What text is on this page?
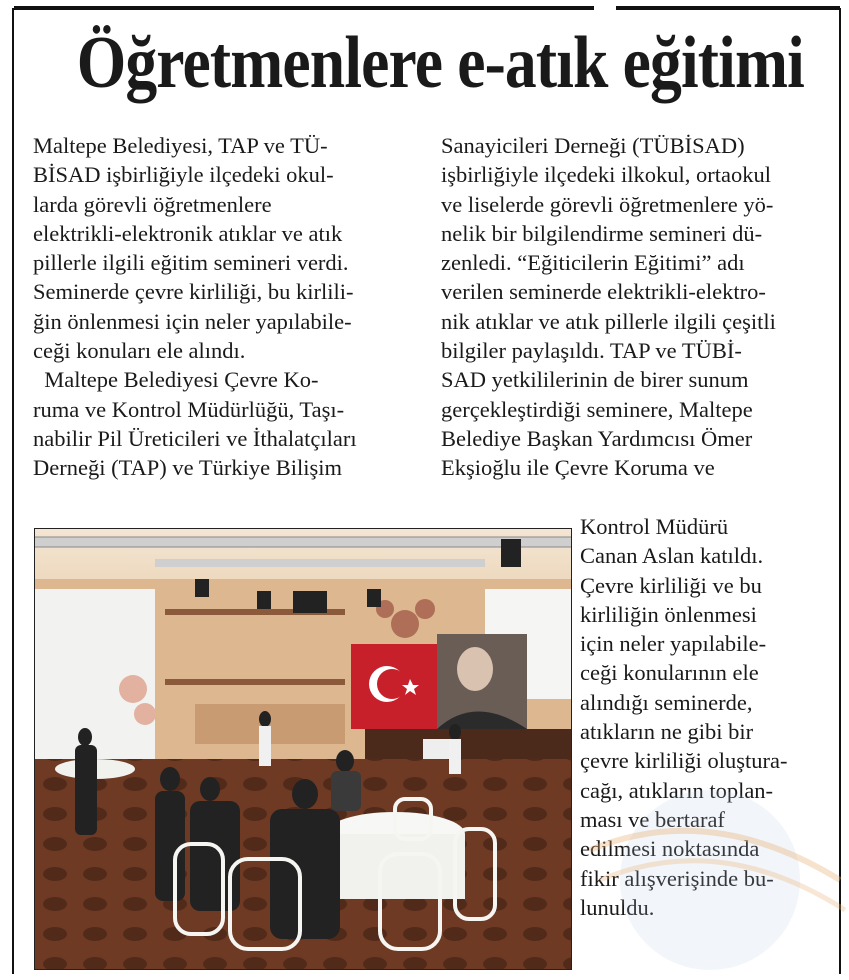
Öğretmenlere e-atık eğitimi
Maltepe Belediyesi, TAP ve TÜ-
BİSAD işbirliğiyle ilçedeki okul-
larda görevli öğretmenlere
elektrikli-elektronik atıklar ve atık
pillerle ilgili eğitim semineri verdi.
Seminerde çevre kirliliği, bu kirlili-
ğin önlenmesi için neler yapılabile-
ceği konuları ele alındı.
Maltepe Belediyesi Çevre Ko-
ruma ve Kontrol Müdürlüğü, Taşı-
nabilir Pil Üreticileri ve İthalatçıları
Derneği (TAP) ve Türkiye Bilişim
Sanayicileri Derneği (TÜBİSAD)
işbirliğiyle ilçedeki ilkokul, ortaokul
ve liselerde görevli öğretmenlere yö-
nelik bir bilgilendirme semineri dü-
zenledi. “Eğiticilerin Eğitimi” adı
verilen seminerde elektrikli-elektro-
nik atıklar ve atık pillerle ilgili çeşitli
bilgiler paylaşıldı. TAP ve TÜBİ-
SAD yetkililerinin de birer sunum
gerçekleştirdiği seminere, Maltepe
Belediye Başkan Yardımcısı Ömer
Ekşioğlu ile Çevre Koruma ve
Kontrol Müdürü
Canan Aslan katıldı.
Çevre kirliliği ve bu
kirliliğin önlenmesi
için neler yapılabile-
ceği konularının ele
alındığı seminerde,
atıkların ne gibi bir
çevre kirliliği oluştura-
cağı, atıkların toplan-
ması ve bertaraf
edilmesi noktasında
fikir alışverişinde bu-
lunuldu.
